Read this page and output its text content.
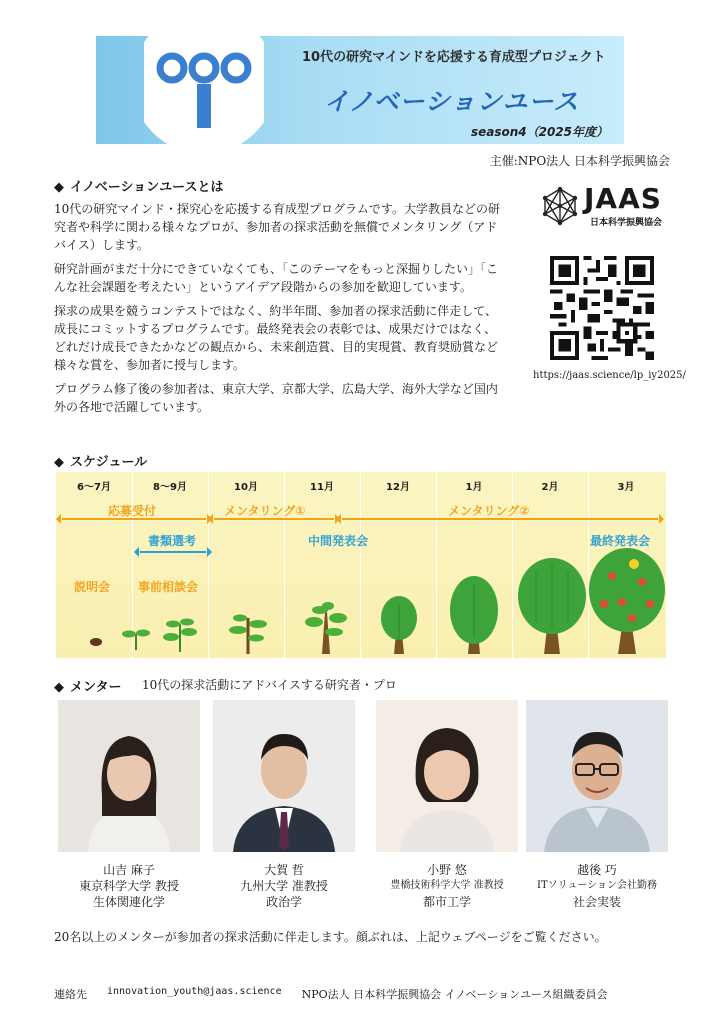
10代の研究マインドを応援する育成型プロジェクト
イノベーションユース
season4（2025年度）
主催:NPO法人 日本科学振興協会
◆ イノベーションユースとは

10代の研究マインド・探究心を応援する育成型プログラムです。大学教員などの研究者や科学に関わる様々なプロが、参加者の探求活動を無償でメンタリング（アドバイス）します。

研究計画がまだ十分にできていなくても、「このテーマをもっと深掘りしたい」「こんな社会課題を考えたい」というアイデア段階からの参加を歓迎しています。

探求の成果を競うコンテストではなく、約半年間、参加者の探求活動に伴走して、成長にコミットするプログラムです。最終発表会の表彰では、成果だけではなく、どれだけ成長できたかなどの観点から、未来創造賞、目的実現賞、教育奨励賞など様々な賞を、参加者に授与します。

プログラム修了後の参加者は、東京大学、京都大学、広島大学、海外大学など国内外の各地で活躍しています。

JAAS
日本科学振興協会
https://jaas.science/lp_iy2025/
◆ スケジュール
6〜7月	8〜9月	10月	11月	12月	1月	2月	3月
応募受付	メンタリング①	メンタリング②
書類選考	中間発表会	最終発表会
説明会 事前相談会
◆ メンター 10代の探求活動にアドバイスする研究者・プロ
山吉 麻子
東京科学大学 教授
生体関連化学
大賀 哲
九州大学 准教授
政治学
小野 悠
豊橋技術科学大学 准教授
都市工学
越後 巧
ITソリューション会社勤務
社会実装
20名以上のメンターが参加者の探求活動に伴走します。顔ぶれは、上記ウェブページをご覧ください。
連絡先 innovation_youth@jaas.science NPO法人 日本科学振興協会 イノベーションユース組織委員会
